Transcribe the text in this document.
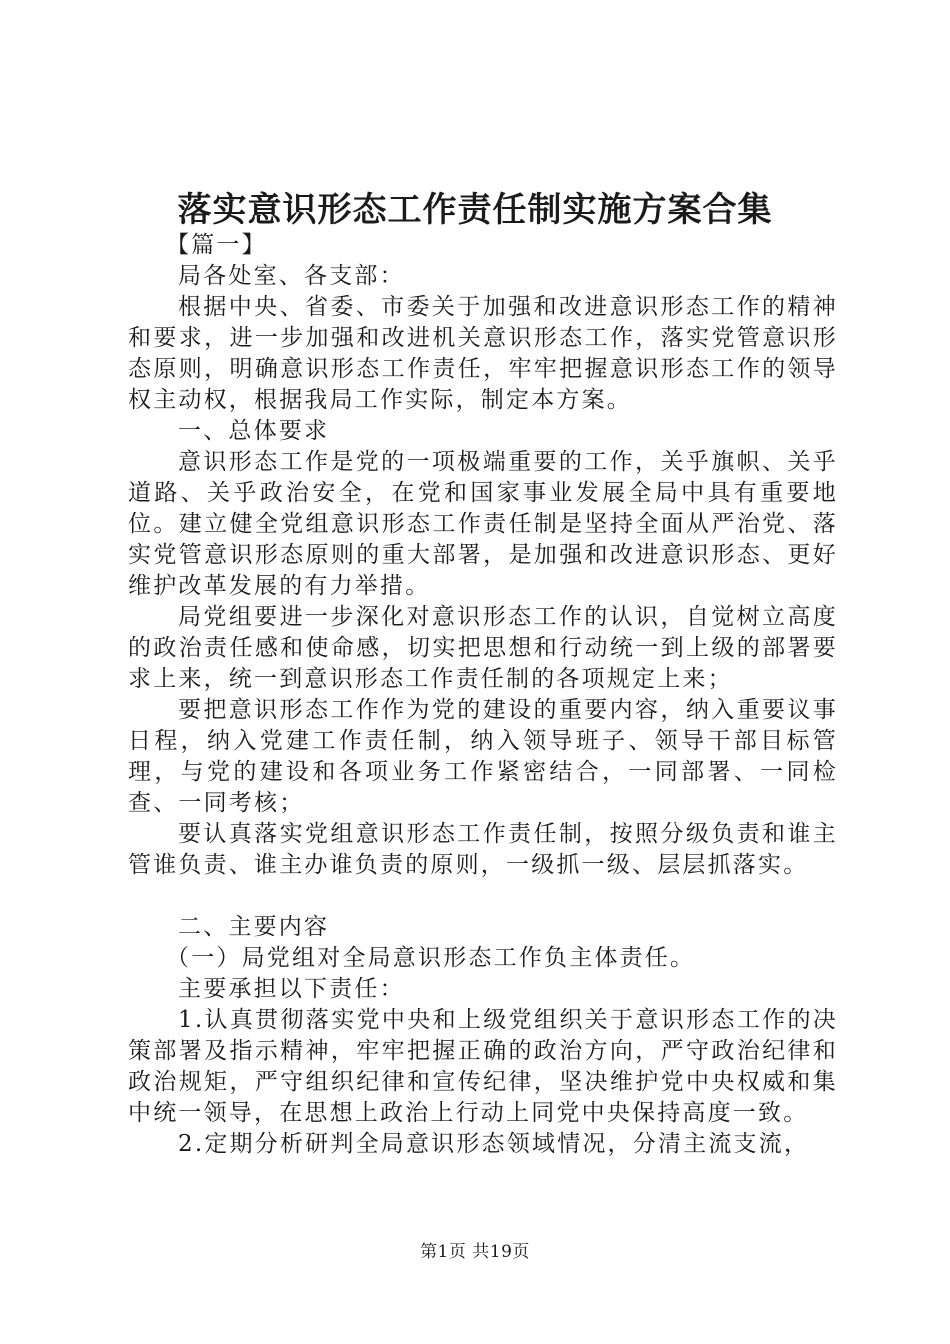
落实意识形态工作责任制实施方案合集

【篇一】

局各处室、各支部：

根据中央、省委、市委关于加强和改进意识形态工作的精神和要求，进一步加强和改进机关意识形态工作，落实党管意识形态原则，明确意识形态工作责任，牢牢把握意识形态工作的领导权主动权，根据我局工作实际，制定本方案。

一、总体要求

意识形态工作是党的一项极端重要的工作，关乎旗帜、关乎道路、关乎政治安全，在党和国家事业发展全局中具有重要地位。建立健全党组意识形态工作责任制是坚持全面从严治党、落实党管意识形态原则的重大部署，是加强和改进意识形态、更好维护改革发展的有力举措。

局党组要进一步深化对意识形态工作的认识，自觉树立高度的政治责任感和使命感，切实把思想和行动统一到上级的部署要求上来，统一到意识形态工作责任制的各项规定上来；

要把意识形态工作作为党的建设的重要内容，纳入重要议事日程，纳入党建工作责任制，纳入领导班子、领导干部目标管理，与党的建设和各项业务工作紧密结合，一同部署、一同检查、一同考核；

要认真落实党组意识形态工作责任制，按照分级负责和谁主管谁负责、谁主办谁负责的原则，一级抓一级、层层抓落实。

二、主要内容

（一）局党组对全局意识形态工作负主体责任。

主要承担以下责任：

1.认真贯彻落实党中央和上级党组织关于意识形态工作的决策部署及指示精神，牢牢把握正确的政治方向，严守政治纪律和政治规矩，严守组织纪律和宣传纪律，坚决维护党中央权威和集中统一领导，在思想上政治上行动上同党中央保持高度一致。

2.定期分析研判全局意识形态领域情况，分清主流支流，

第1页 共19页
